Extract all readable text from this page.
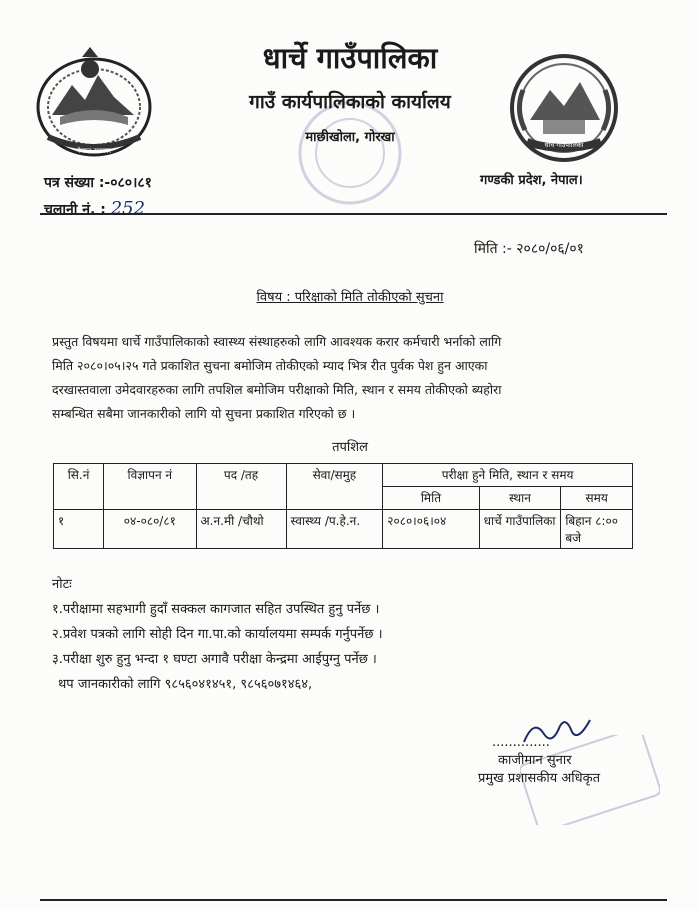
नेपाल सरकार
धार्चे गाउँपालिका
धार्चे गाउँपालिका
गाउँ कार्यपालिकाको कार्यालय
माछीखोला, गोरखा
पत्र संख्या :-०८०।८१
चलानी नं. : 252
गण्डकी प्रदेश, नेपाल।
मिति :- २०८०/०६/०१
विषय : परिक्षाको मिति तोकीएको सुचना
प्रस्तुत विषयमा धार्चे गाउँपालिकाको स्वास्थ्य संस्थाहरुको लागि आवश्यक करार कर्मचारी भर्नाको लागि
मिति २०८०।०५।२५ गते प्रकाशित सुचना बमोजिम तोकीएको म्याद भित्र रीत पुर्वक पेश हुन आएका
दरखास्तवाला उमेदवारहरुका लागि तपशिल बमोजिम परीक्षाको मिति, स्थान र समय तोकीएको ब्यहोरा
सम्बन्धित सबैमा जानकारीको लागि यो सुचना प्रकाशित गरिएको छ ।
तपशिल
सि.नं	विज्ञापन नं	पद /तह	सेवा/समुह	परीक्षा हुने मिति, स्थान र समय		
				मिति	स्थान	समय
१	०४-०८०/८१	अ.न.मी /चौथो	स्वास्थ्य /प.हे.न.	२०८०।०६।०४	धार्चे गाउँपालिका	बिहान ८:०० बजे
नोटः
१.परीक्षामा सहभागी हुदाँ सक्कल कागजात सहित उपस्थित हुनु पर्नेछ ।
२.प्रवेश पत्रको लागि सोही दिन गा.पा.को कार्यालयमा सम्पर्क गर्नुपर्नेछ ।
३.परीक्षा शुरु हुनु भन्दा १ घण्टा अगावै परीक्षा केन्द्रमा आईपुग्नु पर्नेछ ।
थप जानकारीको लागि ९८५६०४१४५१, ९८५६०७१४६४,
..............
काजीमान सुनार
प्रमुख प्रशासकीय अधिकृत
